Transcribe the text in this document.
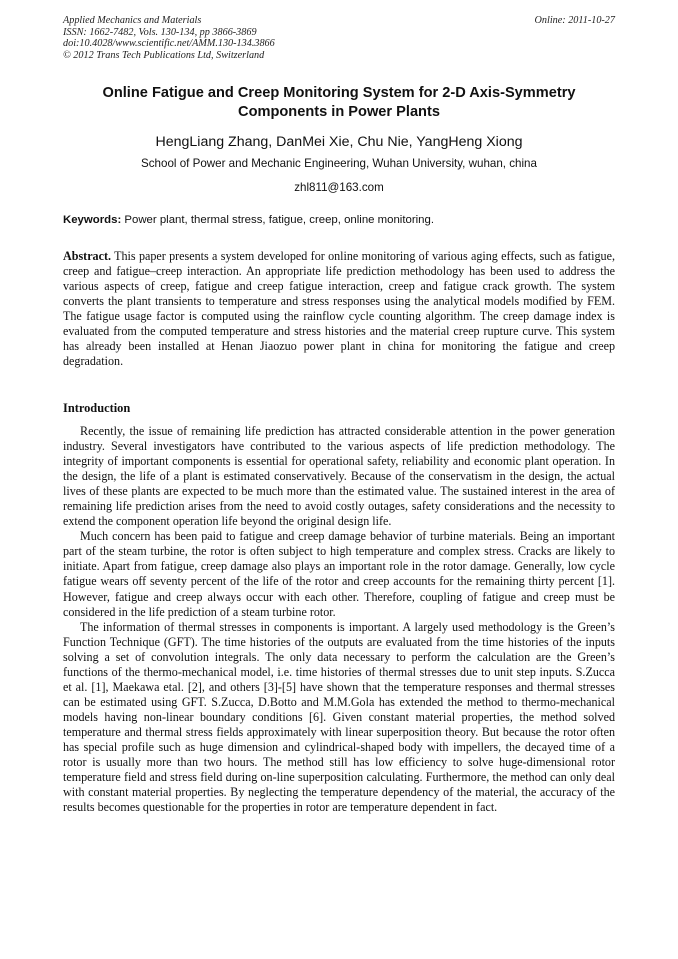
Applied Mechanics and Materials
ISSN: 1662-7482, Vols. 130-134, pp 3866-3869
doi:10.4028/www.scientific.net/AMM.130-134.3866
© 2012 Trans Tech Publications Ltd, Switzerland
Online: 2011-10-27
Online Fatigue and Creep Monitoring System for 2-D Axis-Symmetry Components in Power Plants
HengLiang Zhang, DanMei Xie, Chu Nie, YangHeng Xiong
School of Power and Mechanic Engineering, Wuhan University, wuhan, china
zhl811@163.com
Keywords: Power plant, thermal stress, fatigue, creep, online monitoring.

Abstract. This paper presents a system developed for online monitoring of various aging effects, such as fatigue, creep and fatigue–creep interaction. An appropriate life prediction methodology has been used to address the various aspects of creep, fatigue and creep fatigue interaction, creep and fatigue crack growth. The system converts the plant transients to temperature and stress responses using the analytical models modified by FEM. The fatigue usage factor is computed using the rainflow cycle counting algorithm. The creep damage index is evaluated from the computed temperature and stress histories and the material creep rupture curve. This system has already been installed at Henan Jiaozuo power plant in china for monitoring the fatigue and creep degradation.

Introduction

Recently, the issue of remaining life prediction has attracted considerable attention in the power generation industry. Several investigators have contributed to the various aspects of life prediction methodology. The integrity of important components is essential for operational safety, reliability and economic plant operation. In the design, the life of a plant is estimated conservatively. Because of the conservatism in the design, the actual lives of these plants are expected to be much more than the estimated value. The sustained interest in the area of remaining life prediction arises from the need to avoid costly outages, safety considerations and the necessity to extend the component operation life beyond the original design life.

Much concern has been paid to fatigue and creep damage behavior of turbine materials. Being an important part of the steam turbine, the rotor is often subject to high temperature and complex stress. Cracks are likely to initiate. Apart from fatigue, creep damage also plays an important role in the rotor damage. Generally, low cycle fatigue wears off seventy percent of the life of the rotor and creep accounts for the remaining thirty percent [1]. However, fatigue and creep always occur with each other. Therefore, coupling of fatigue and creep must be considered in the life prediction of a steam turbine rotor.

The information of thermal stresses in components is important. A largely used methodology is the Green’s Function Technique (GFT). The time histories of the outputs are evaluated from the time histories of the inputs solving a set of convolution integrals. The only data necessary to perform the calculation are the Green’s functions of the thermo-mechanical model, i.e. time histories of thermal stresses due to unit step inputs. S.Zucca et al. [1], Maekawa etal. [2], and others [3]-[5] have shown that the temperature responses and thermal stresses can be estimated using GFT. S.Zucca, D.Botto and M.M.Gola has extended the method to thermo-mechanical models having non-linear boundary conditions [6]. Given constant material properties, the method solved temperature and thermal stress fields approximately with linear superposition theory. But because the rotor often has special profile such as huge dimension and cylindrical-shaped body with impellers, the decayed time of a rotor is usually more than two hours. The method still has low efficiency to solve huge-dimensional rotor temperature field and stress field during on-line superposition calculating. Furthermore, the method can only deal with constant material properties. By neglecting the temperature dependency of the material, the accuracy of the results becomes questionable for the properties in rotor are temperature dependent in fact.
